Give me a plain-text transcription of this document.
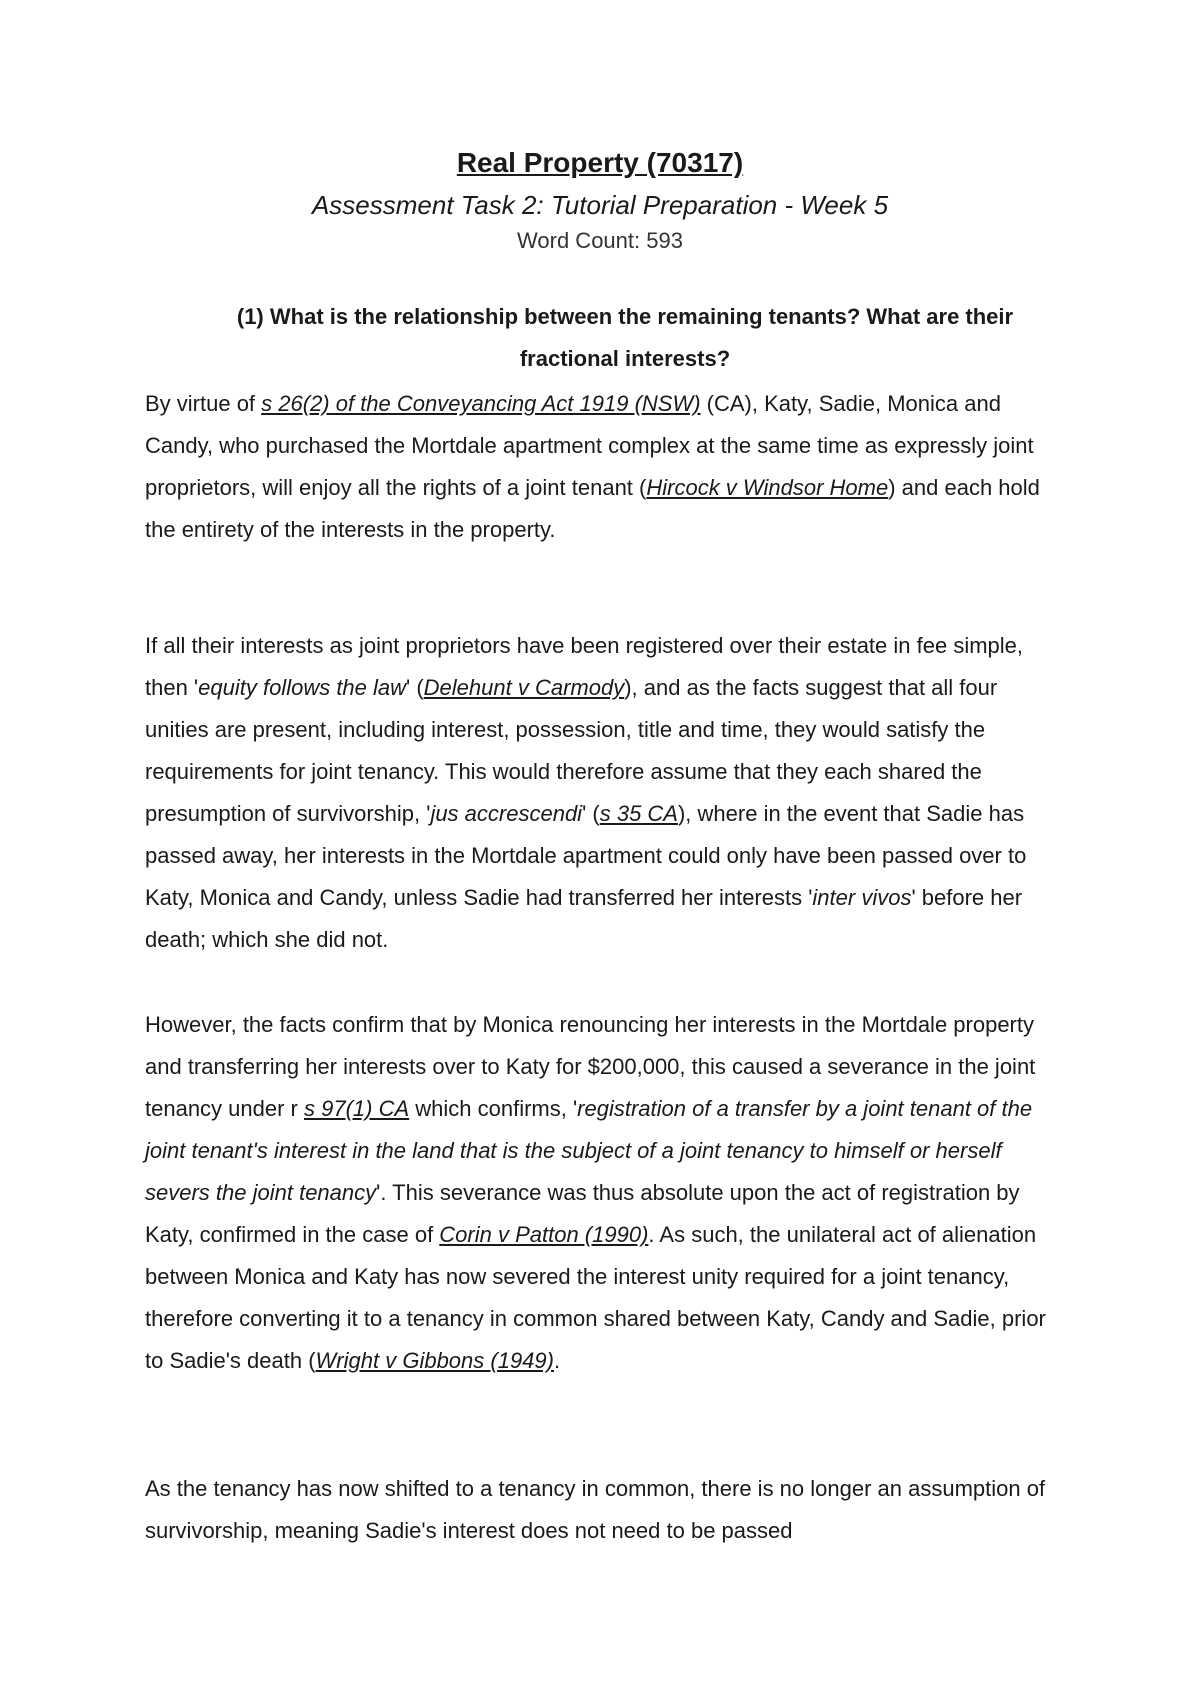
Real Property (70317)
Assessment Task 2: Tutorial Preparation - Week 5
Word Count: 593
(1) What is the relationship between the remaining tenants? What are their fractional interests?

By virtue of s 26(2) of the Conveyancing Act 1919 (NSW) (CA), Katy, Sadie, Monica and Candy, who purchased the Mortdale apartment complex at the same time as expressly joint proprietors, will enjoy all the rights of a joint tenant (Hircock v Windsor Home) and each hold the entirety of the interests in the property.

If all their interests as joint proprietors have been registered over their estate in fee simple, then 'equity follows the law' (Delehunt v Carmody), and as the facts suggest that all four unities are present, including interest, possession, title and time, they would satisfy the requirements for joint tenancy. This would therefore assume that they each shared the presumption of survivorship, 'jus accrescendi' (s 35 CA), where in the event that Sadie has passed away, her interests in the Mortdale apartment could only have been passed over to Katy, Monica and Candy, unless Sadie had transferred her interests 'inter vivos' before her death; which she did not.

However, the facts confirm that by Monica renouncing her interests in the Mortdale property and transferring her interests over to Katy for $200,000, this caused a severance in the joint tenancy under r s 97(1) CA which confirms, 'registration of a transfer by a joint tenant of the joint tenant's interest in the land that is the subject of a joint tenancy to himself or herself severs the joint tenancy'. This severance was thus absolute upon the act of registration by Katy, confirmed in the case of Corin v Patton (1990). As such, the unilateral act of alienation between Monica and Katy has now severed the interest unity required for a joint tenancy, therefore converting it to a tenancy in common shared between Katy, Candy and Sadie, prior to Sadie's death (Wright v Gibbons (1949).

As the tenancy has now shifted to a tenancy in common, there is no longer an assumption of survivorship, meaning Sadie's interest does not need to be passed
